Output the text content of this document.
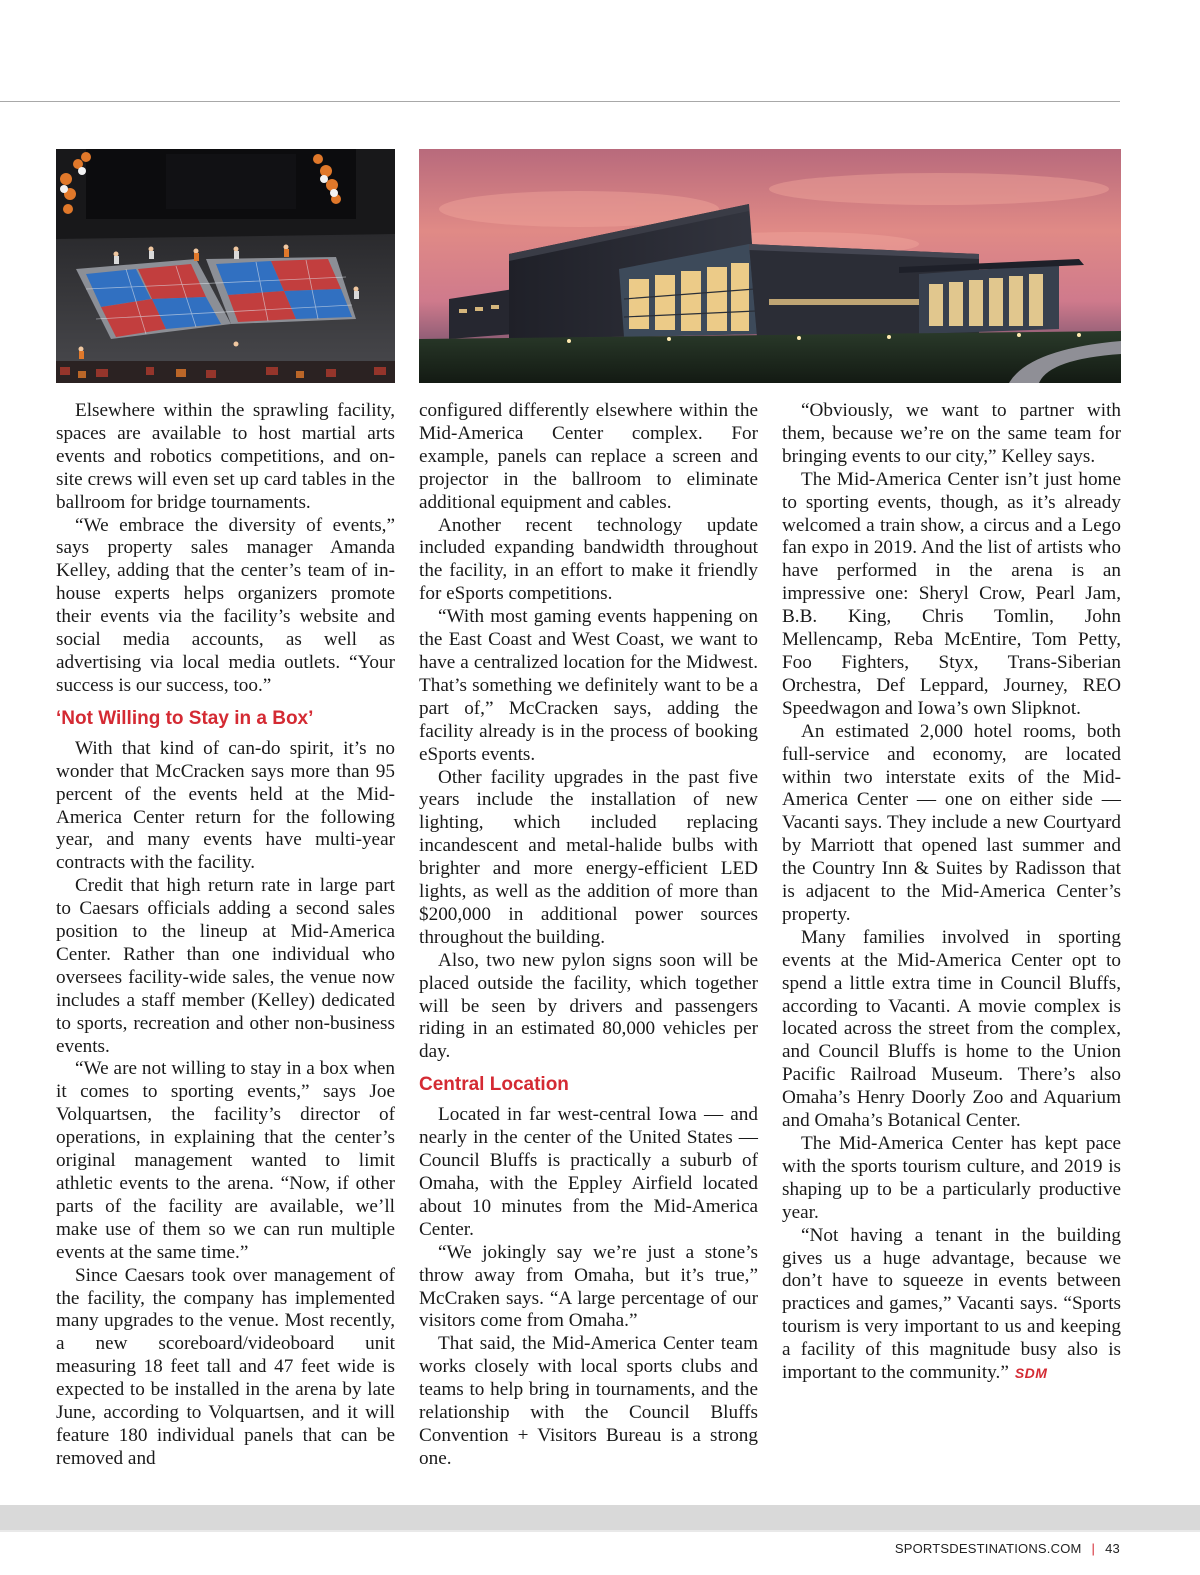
Elsewhere within the sprawling facility, spaces are available to host martial arts events and robotics competitions, and on-site crews will even set up card tables in the ballroom for bridge tournaments.

“We embrace the diversity of events,” says property sales manager Amanda Kelley, adding that the center’s team of in-house experts helps organizers promote their events via the facility’s website and social media accounts, as well as advertising via local media outlets. “Your success is our success, too.”

‘Not Willing to Stay in a Box’

With that kind of can-do spirit, it’s no wonder that McCracken says more than 95 percent of the events held at the Mid-America Center return for the following year, and many events have multi-year contracts with the facility.

Credit that high return rate in large part to Caesars officials adding a second sales position to the lineup at Mid-America Center. Rather than one individual who oversees facility-wide sales, the venue now includes a staff member (Kelley) dedicated to sports, recreation and other non-business events.

“We are not willing to stay in a box when it comes to sporting events,” says Joe Volquartsen, the facility’s director of operations, in explaining that the center’s original management wanted to limit athletic events to the arena. “Now, if other parts of the facility are available, we’ll make use of them so we can run multiple events at the same time.”

Since Caesars took over management of the facility, the company has implemented many upgrades to the venue. Most recently, a new scoreboard/videoboard unit measuring 18 feet tall and 47 feet wide is expected to be installed in the arena by late June, according to Volquartsen, and it will feature 180 individual panels that can be removed and

configured differently elsewhere within the Mid-America Center complex. For example, panels can replace a screen and projector in the ballroom to eliminate additional equipment and cables.

Another recent technology update included expanding bandwidth throughout the facility, in an effort to make it friendly for eSports competitions.

“With most gaming events happening on the East Coast and West Coast, we want to have a centralized location for the Midwest. That’s something we definitely want to be a part of,” McCracken says, adding the facility already is in the process of booking eSports events.

Other facility upgrades in the past five years include the installation of new lighting, which included replacing incandescent and metal-halide bulbs with brighter and more energy-efficient LED lights, as well as the addition of more than $200,000 in additional power sources throughout the building.

Also, two new pylon signs soon will be placed outside the facility, which together will be seen by drivers and passengers riding in an estimated 80,000 vehicles per day.

Central Location

Located in far west-central Iowa — and nearly in the center of the United States — Council Bluffs is practically a suburb of Omaha, with the Eppley Airfield located about 10 minutes from the Mid-America Center.

“We jokingly say we’re just a stone’s throw away from Omaha, but it’s true,” McCraken says. “A large percentage of our visitors come from Omaha.”

That said, the Mid-America Center team works closely with local sports clubs and teams to help bring in tournaments, and the relationship with the Council Bluffs Convention + Visitors Bureau is a strong one.

“Obviously, we want to partner with them, because we’re on the same team for bringing events to our city,” Kelley says.

The Mid-America Center isn’t just home to sporting events, though, as it’s already welcomed a train show, a circus and a Lego fan expo in 2019. And the list of artists who have performed in the arena is an impressive one: Sheryl Crow, Pearl Jam, B.B. King, Chris Tomlin, John Mellencamp, Reba McEntire, Tom Petty, Foo Fighters, Styx, Trans-Siberian Orchestra, Def Leppard, Journey, REO Speedwagon and Iowa’s own Slipknot.

An estimated 2,000 hotel rooms, both full-service and economy, are located within two interstate exits of the Mid-America Center — one on either side — Vacanti says. They include a new Courtyard by Marriott that opened last summer and the Country Inn & Suites by Radisson that is adjacent to the Mid-America Center’s property.

Many families involved in sporting events at the Mid-America Center opt to spend a little extra time in Council Bluffs, according to Vacanti. A movie complex is located across the street from the complex, and Council Bluffs is home to the Union Pacific Railroad Museum. There’s also Omaha’s Henry Doorly Zoo and Aquarium and Omaha’s Botanical Center.

The Mid-America Center has kept pace with the sports tourism culture, and 2019 is shaping up to be a particularly productive year.

“Not having a tenant in the building gives us a huge advantage, because we don’t have to squeeze in events between practices and games,” Vacanti says. “Sports tourism is very important to us and keeping a facility of this magnitude busy also is important to the community.” SDM

SPORTSDESTINATIONS.COM | 43
